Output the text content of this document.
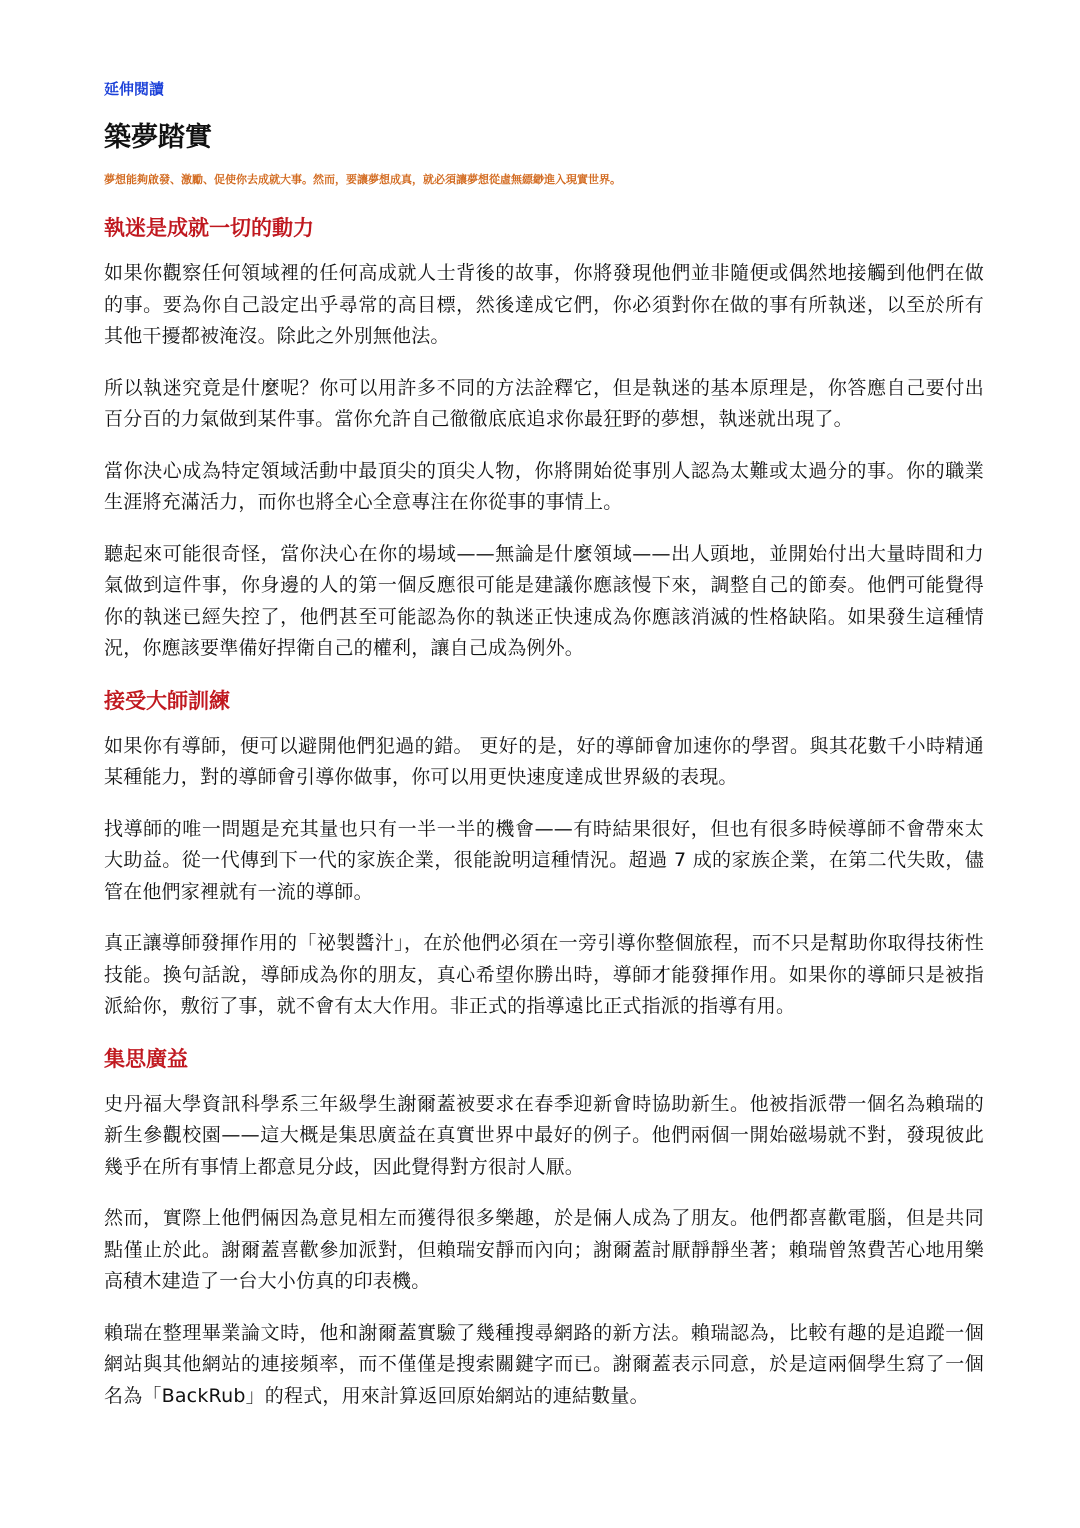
延伸閱讀
築夢踏實
夢想能夠啟發、激勵、促使你去成就大事。然而，要讓夢想成真，就必須讓夢想從虛無縹緲進入現實世界。
執迷是成就一切的動力

如果你觀察任何領域裡的任何高成就人士背後的故事，你將發現他們並非隨便或偶然地接觸到他們在做的事。要為你自己設定出乎尋常的高目標，然後達成它們，你必須對你在做的事有所執迷，以至於所有其他干擾都被淹沒。除此之外別無他法。

所以執迷究竟是什麼呢？你可以用許多不同的方法詮釋它，但是執迷的基本原理是，你答應自己要付出百分百的力氣做到某件事。當你允許自己徹徹底底追求你最狂野的夢想，執迷就出現了。

當你決心成為特定領域活動中最頂尖的頂尖人物，你將開始從事別人認為太難或太過分的事。你的職業生涯將充滿活力，而你也將全心全意專注在你從事的事情上。

聽起來可能很奇怪，當你決心在你的場域——無論是什麼領域——出人頭地，並開始付出大量時間和力氣做到這件事，你身邊的人的第一個反應很可能是建議你應該慢下來，調整自己的節奏。他們可能覺得你的執迷已經失控了，他們甚至可能認為你的執迷正快速成為你應該消滅的性格缺陷。如果發生這種情況，你應該要準備好捍衛自己的權利，讓自己成為例外。

接受大師訓練

如果你有導師，便可以避開他們犯過的錯。 更好的是，好的導師會加速你的學習。與其花數千小時精通某種能力，對的導師會引導你做事，你可以用更快速度達成世界級的表現。

找導師的唯一問題是充其量也只有一半一半的機會——有時結果很好，但也有很多時候導師不會帶來太大助益。從一代傳到下一代的家族企業，很能說明這種情況。超過 7 成的家族企業，在第二代失敗，儘管在他們家裡就有一流的導師。

真正讓導師發揮作用的「祕製醬汁」，在於他們必須在一旁引導你整個旅程，而不只是幫助你取得技術性技能。換句話說，導師成為你的朋友，真心希望你勝出時，導師才能發揮作用。如果你的導師只是被指派給你，敷衍了事，就不會有太大作用。非正式的指導遠比正式指派的指導有用。

集思廣益

史丹福大學資訊科學系三年級學生謝爾蓋被要求在春季迎新會時協助新生。他被指派帶一個名為賴瑞的新生參觀校園——這大概是集思廣益在真實世界中最好的例子。他們兩個一開始磁場就不對，發現彼此幾乎在所有事情上都意見分歧，因此覺得對方很討人厭。

然而，實際上他們倆因為意見相左而獲得很多樂趣，於是倆人成為了朋友。他們都喜歡電腦，但是共同點僅止於此。謝爾蓋喜歡參加派對，但賴瑞安靜而內向；謝爾蓋討厭靜靜坐著；賴瑞曾煞費苦心地用樂高積木建造了一台大小仿真的印表機。

賴瑞在整理畢業論文時，他和謝爾蓋實驗了幾種搜尋網路的新方法。賴瑞認為，比較有趣的是追蹤一個網站與其他網站的連接頻率，而不僅僅是搜索關鍵字而已。謝爾蓋表示同意，於是這兩個學生寫了一個名為「BackRub」的程式，用來計算返回原始網站的連結數量。
